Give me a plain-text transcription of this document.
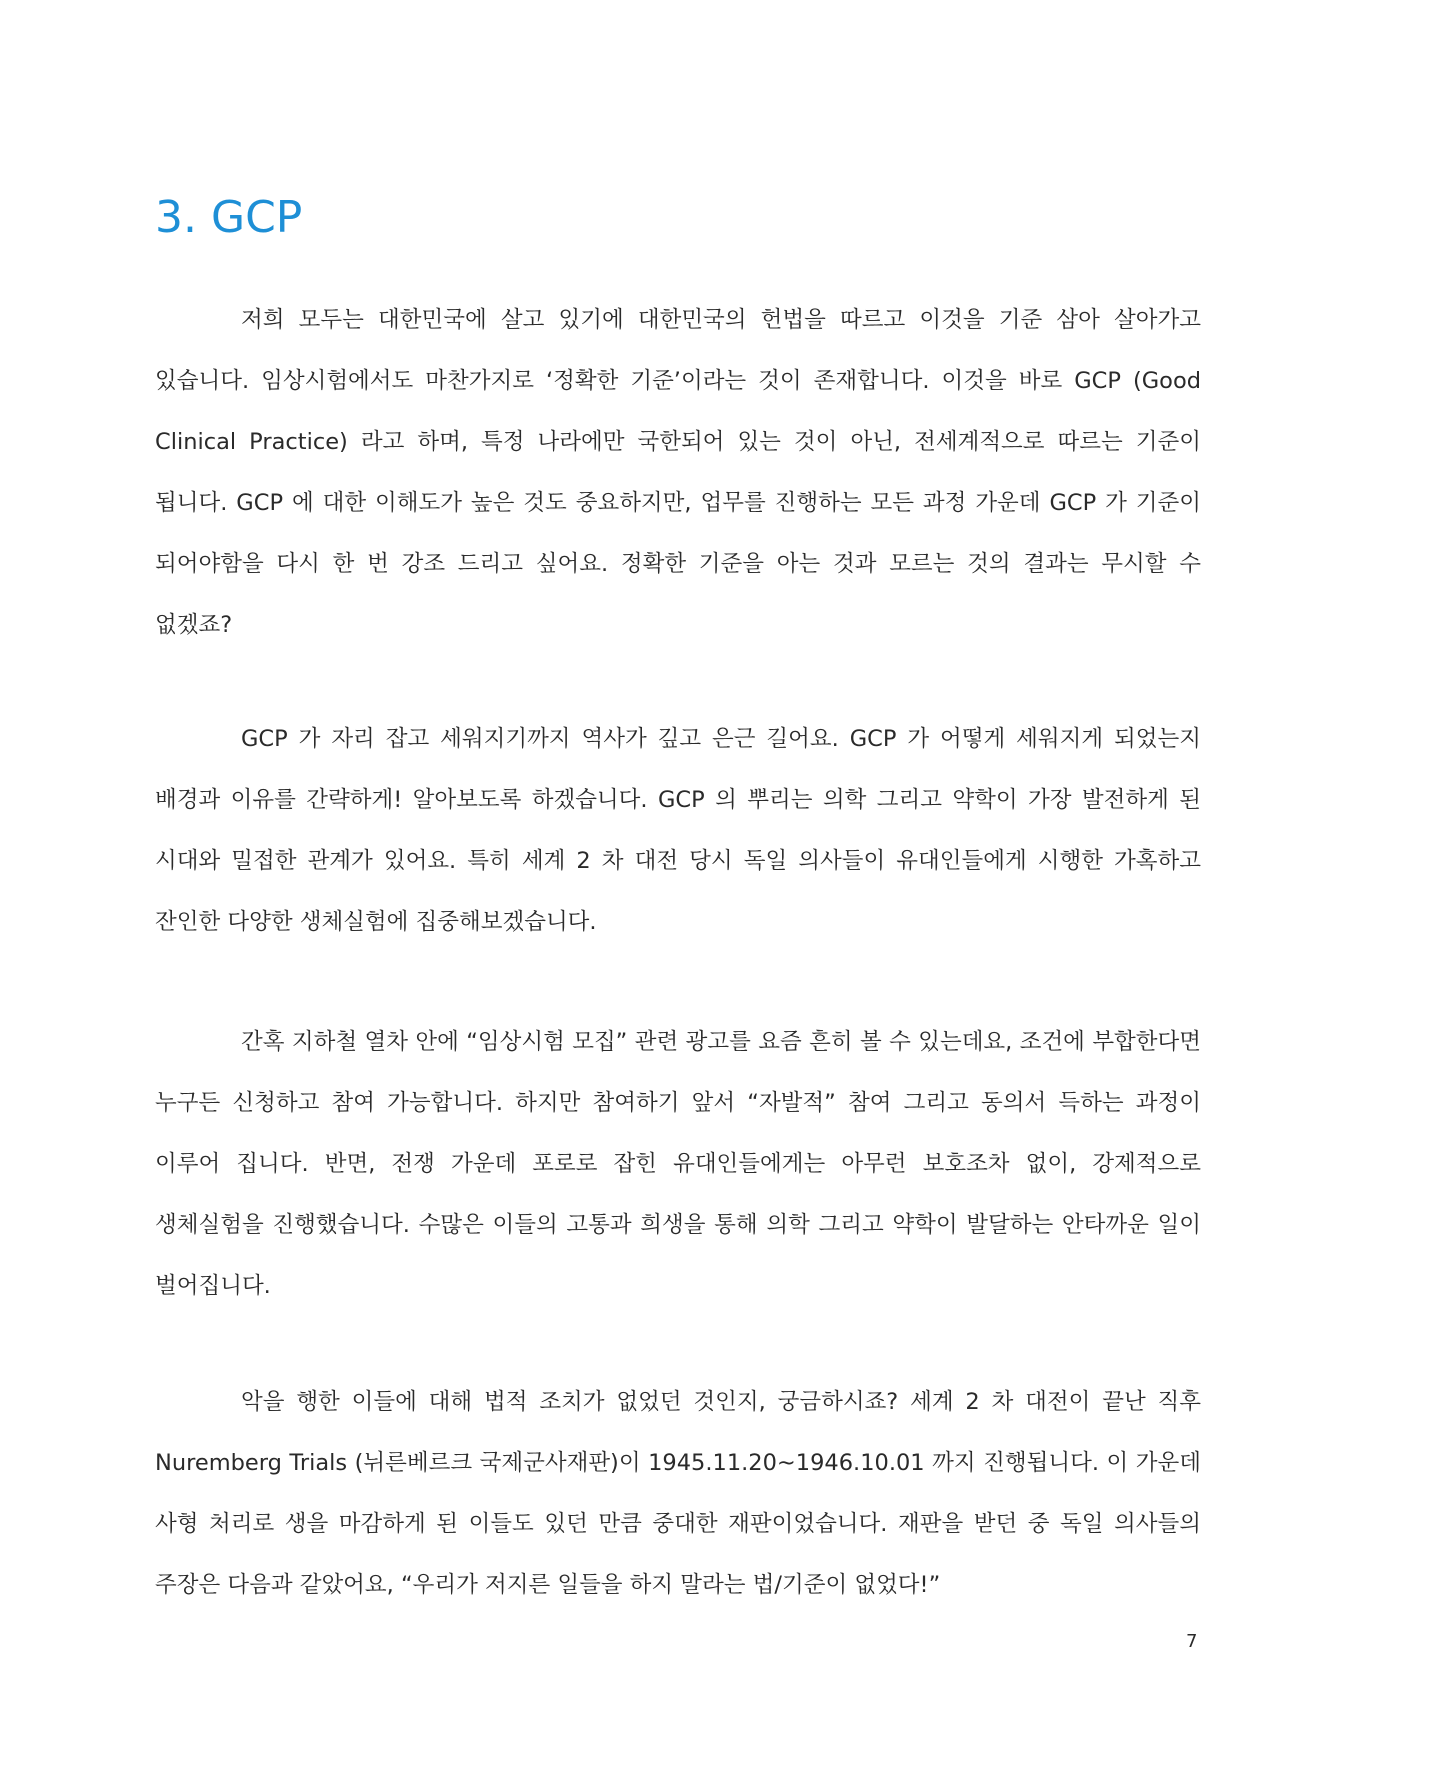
3. GCP

저희 모두는 대한민국에 살고 있기에 대한민국의 헌법을 따르고 이것을 기준 삼아 살아가고 있습니다. 임상시험에서도 마찬가지로 ‘정확한 기준’이라는 것이 존재합니다. 이것을 바로 GCP (Good Clinical Practice) 라고 하며, 특정 나라에만 국한되어 있는 것이 아닌, 전세계적으로 따르는 기준이 됩니다. GCP 에 대한 이해도가 높은 것도 중요하지만, 업무를 진행하는 모든 과정 가운데 GCP 가 기준이 되어야함을 다시 한 번 강조 드리고 싶어요. 정확한 기준을 아는 것과 모르는 것의 결과는 무시할 수 없겠죠?

GCP 가 자리 잡고 세워지기까지 역사가 깊고 은근 길어요. GCP 가 어떻게 세워지게 되었는지 배경과 이유를 간략하게! 알아보도록 하겠습니다. GCP 의 뿌리는 의학 그리고 약학이 가장 발전하게 된 시대와 밀접한 관계가 있어요. 특히 세계 2 차 대전 당시 독일 의사들이 유대인들에게 시행한 가혹하고 잔인한 다양한 생체실험에 집중해보겠습니다.

간혹 지하철 열차 안에 “임상시험 모집” 관련 광고를 요즘 흔히 볼 수 있는데요, 조건에 부합한다면 누구든 신청하고 참여 가능합니다. 하지만 참여하기 앞서 “자발적” 참여 그리고 동의서 득하는 과정이 이루어 집니다. 반면, 전쟁 가운데 포로로 잡힌 유대인들에게는 아무런 보호조차 없이, 강제적으로 생체실험을 진행했습니다. 수많은 이들의 고통과 희생을 통해 의학 그리고 약학이 발달하는 안타까운 일이 벌어집니다.

악을 행한 이들에 대해 법적 조치가 없었던 것인지, 궁금하시죠? 세계 2 차 대전이 끝난 직후 Nuremberg Trials (뉘른베르크 국제군사재판)이 1945.11.20~1946.10.01 까지 진행됩니다. 이 가운데 사형 처리로 생을 마감하게 된 이들도 있던 만큼 중대한 재판이었습니다. 재판을 받던 중 독일 의사들의 주장은 다음과 같았어요, “우리가 저지른 일들을 하지 말라는 법/기준이 없었다!”

7
